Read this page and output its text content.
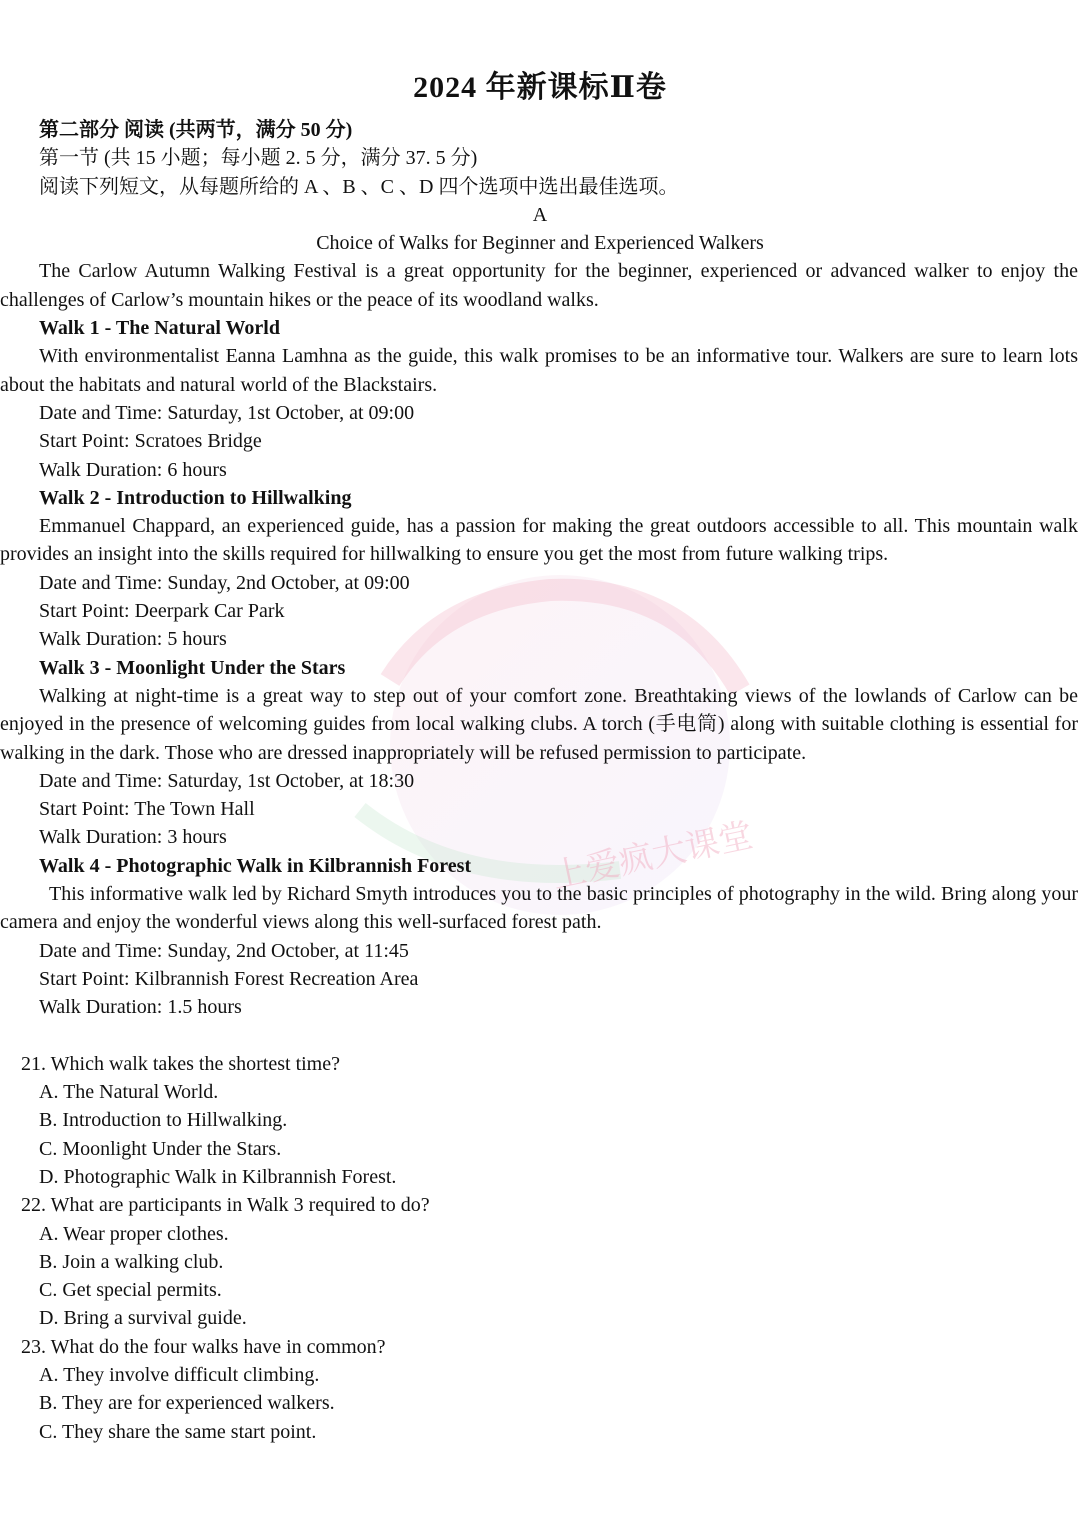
上爱疯大课堂
2024 年新课标Ⅱ卷

第二部分 阅读 (共两节，满分 50 分)

第一节 (共 15 小题；每小题 2. 5 分，满分 37. 5 分)

阅读下列短文，从每题所给的 A 、B 、C 、D 四个选项中选出最佳选项。

A

Choice of Walks for Beginner and Experienced Walkers

The Carlow Autumn Walking Festival is a great opportunity for the beginner, experienced or advanced walker to enjoy the challenges of Carlow’s mountain hikes or the peace of its woodland walks.

Walk 1 - The Natural World

With environmentalist Eanna Lamhna as the guide, this walk promises to be an informative tour. Walkers are sure to learn lots about the habitats and natural world of the Blackstairs.

Date and Time: Saturday, 1st October, at 09:00

Start Point: Scratoes Bridge

Walk Duration: 6 hours

Walk 2 - Introduction to Hillwalking

Emmanuel Chappard, an experienced guide, has a passion for making the great outdoors accessible to all. This mountain walk provides an insight into the skills required for hillwalking to ensure you get the most from future walking trips.

Date and Time: Sunday, 2nd October, at 09:00

Start Point: Deerpark Car Park

Walk Duration: 5 hours

Walk 3 - Moonlight Under the Stars

Walking at night-time is a great way to step out of your comfort zone. Breathtaking views of the lowlands of Carlow can be enjoyed in the presence of welcoming guides from local walking clubs. A torch (手电筒) along with suitable clothing is essential for walking in the dark. Those who are dressed inappropriately will be refused permission to participate.

Date and Time: Saturday, 1st October, at 18:30

Start Point: The Town Hall

Walk Duration: 3 hours

Walk 4 - Photographic Walk in Kilbrannish Forest

This informative walk led by Richard Smyth introduces you to the basic principles of photography in the wild. Bring along your camera and enjoy the wonderful views along this well-surfaced forest path.

Date and Time: Sunday, 2nd October, at 11:45

Start Point: Kilbrannish Forest Recreation Area

Walk Duration: 1.5 hours

21. Which walk takes the shortest time?

A. The Natural World.

B. Introduction to Hillwalking.

C. Moonlight Under the Stars.

D. Photographic Walk in Kilbrannish Forest.

22. What are participants in Walk 3 required to do?

A. Wear proper clothes.

B. Join a walking club.

C. Get special permits.

D. Bring a survival guide.

23. What do the four walks have in common?

A. They involve difficult climbing.

B. They are for experienced walkers.

C. They share the same start point.
